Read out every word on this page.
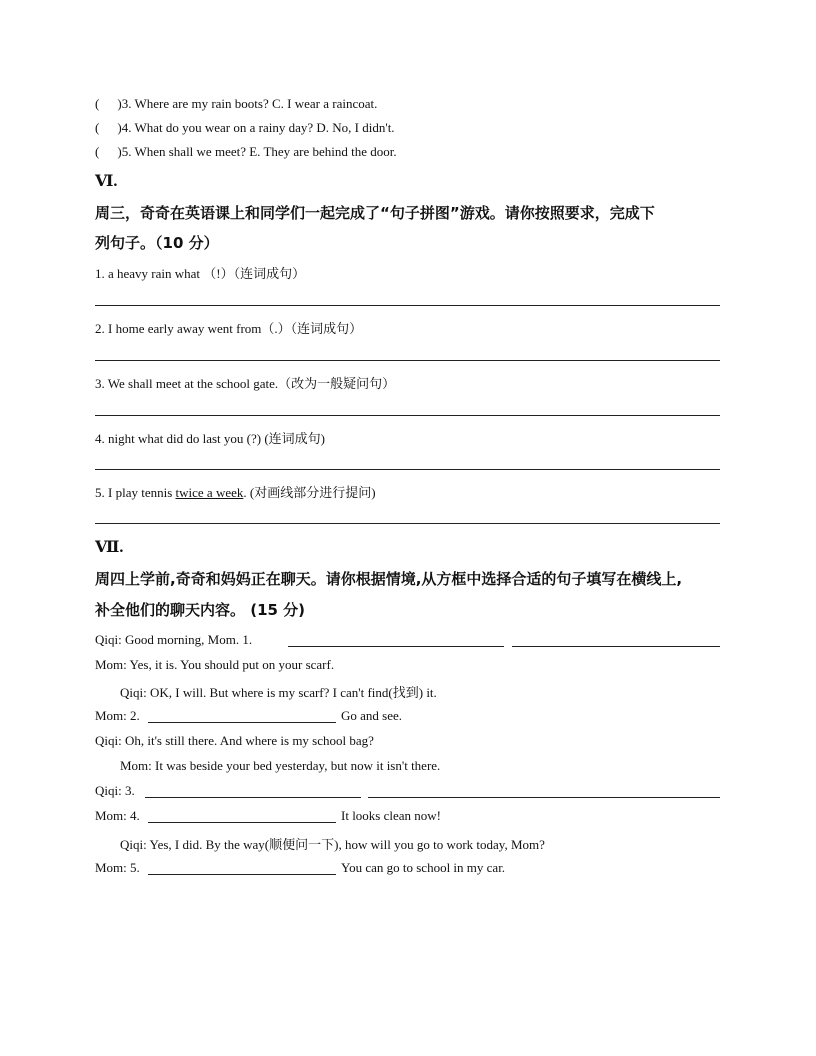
( )3. Where are my rain boots? C. I wear a raincoat.
( )4. What do you wear on a rainy day? D. No, I didn't.
( )5. When shall we meet? E. They are behind the door.
Ⅵ.
周三，奇奇在英语课上和同学们一起完成了“句子拼图”游戏。请你按照要求，完成下
列句子。（10 分）
1. a heavy rain what （!）（连词成句）
2. I home early away went from（.）（连词成句）
3. We shall meet at the school gate.（改为一般疑问句）
4. night what did do last you (?) (连词成句)
5. I play tennis twice a week. (对画线部分进行提问)
Ⅶ.
周四上学前,奇奇和妈妈正在聊天。请你根据情境,从方框中选择合适的句子填写在横线上,
补全他们的聊天内容。 (15 分)
Qiqi: Good morning, Mom. 1.
Mom: Yes, it is. You should put on your scarf.
Qiqi: OK, I will. But where is my scarf? I can't find(找到) it.
Mom: 2.	Go and see.
Qiqi: Oh, it's still there. And where is my school bag?
Mom: It was beside your bed yesterday, but now it isn't there.
Qiqi: 3.
Mom: 4.	It looks clean now!
Qiqi: Yes, I did. By the way(顺便问一下), how will you go to work today, Mom?
Mom: 5.	You can go to school in my car.
